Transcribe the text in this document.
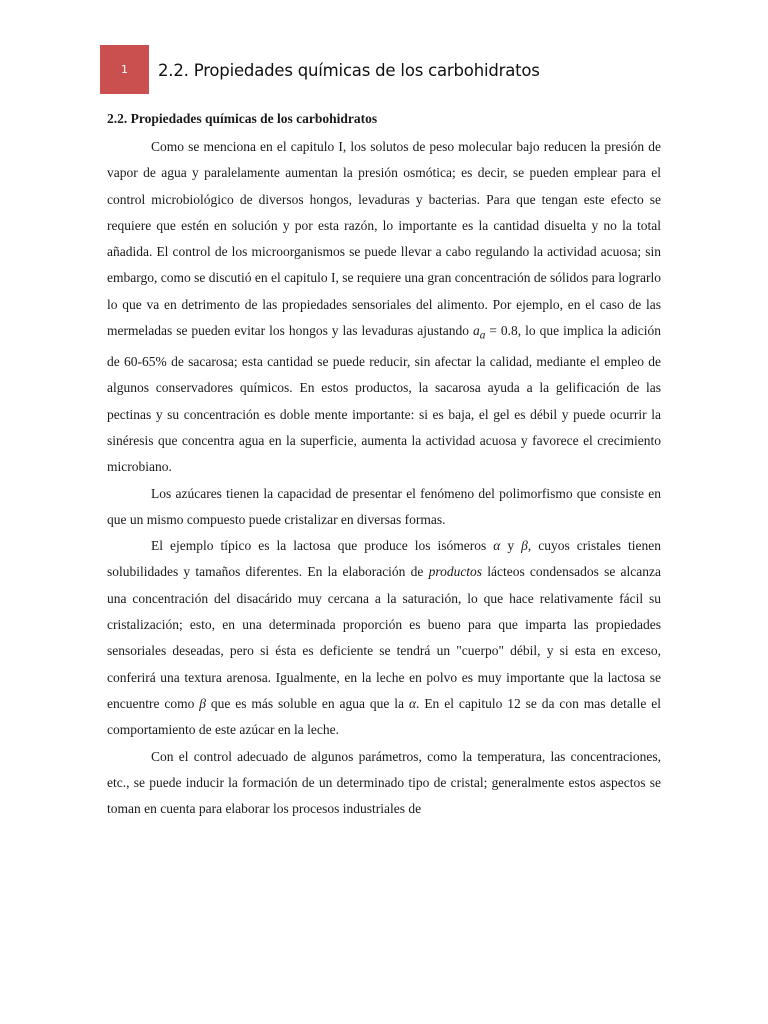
1 2.2. Propiedades químicas de los carbohidratos

2.2. Propiedades químicas de los carbohidratos

Como se menciona en el capitulo I, los solutos de peso molecular bajo reducen la presión de vapor de agua y paralelamente aumentan la presión osmótica; es decir, se pueden emplear para el control microbiológico de diversos hongos, levaduras y bacterias. Para que tengan este efecto se requiere que estén en solución y por esta razón, lo importante es la cantidad disuelta y no la total añadida. El control de los microorganismos se puede llevar a cabo regulando la actividad acuosa; sin embargo, como se discutió en el capitulo I, se requiere una gran concentración de sólidos para lograrlo lo que va en detrimento de las propiedades sensoriales del alimento. Por ejemplo, en el caso de las mermeladas se pueden evitar los hongos y las levaduras ajustando $a_a = 0.8$, lo que implica la adición de 60-65% de sacarosa; esta cantidad se puede reducir, sin afectar la calidad, mediante el empleo de algunos conservadores químicos. En estos productos, la sacarosa ayuda a la gelificación de las pectinas y su concentración es doble mente importante: si es baja, el gel es débil y puede ocurrir la sinéresis que concentra agua en la superficie, aumenta la actividad acuosa y favorece el crecimiento microbiano.

Los azúcares tienen la capacidad de presentar el fenómeno del polimorfismo que consiste en que un mismo compuesto puede cristalizar en diversas formas.

El ejemplo típico es la lactosa que produce los isómeros α y β, cuyos cristales tienen solubilidades y tamaños diferentes. En la elaboración de productos lácteos condensados se alcanza una concentración del disacárido muy cercana a la saturación, lo que hace relativamente fácil su cristalización; esto, en una determinada proporción es bueno para que imparta las propiedades sensoriales deseadas, pero si ésta es deficiente se tendrá un "cuerpo" débil, y si esta en exceso, conferirá una textura arenosa. Igualmente, en la leche en polvo es muy importante que la lactosa se encuentre como β que es más soluble en agua que la α. En el capitulo 12 se da con mas detalle el comportamiento de este azúcar en la leche.

Con el control adecuado de algunos parámetros, como la temperatura, las concentraciones, etc., se puede inducir la formación de un determinado tipo de cristal; generalmente estos aspectos se toman en cuenta para elaborar los procesos industriales de
